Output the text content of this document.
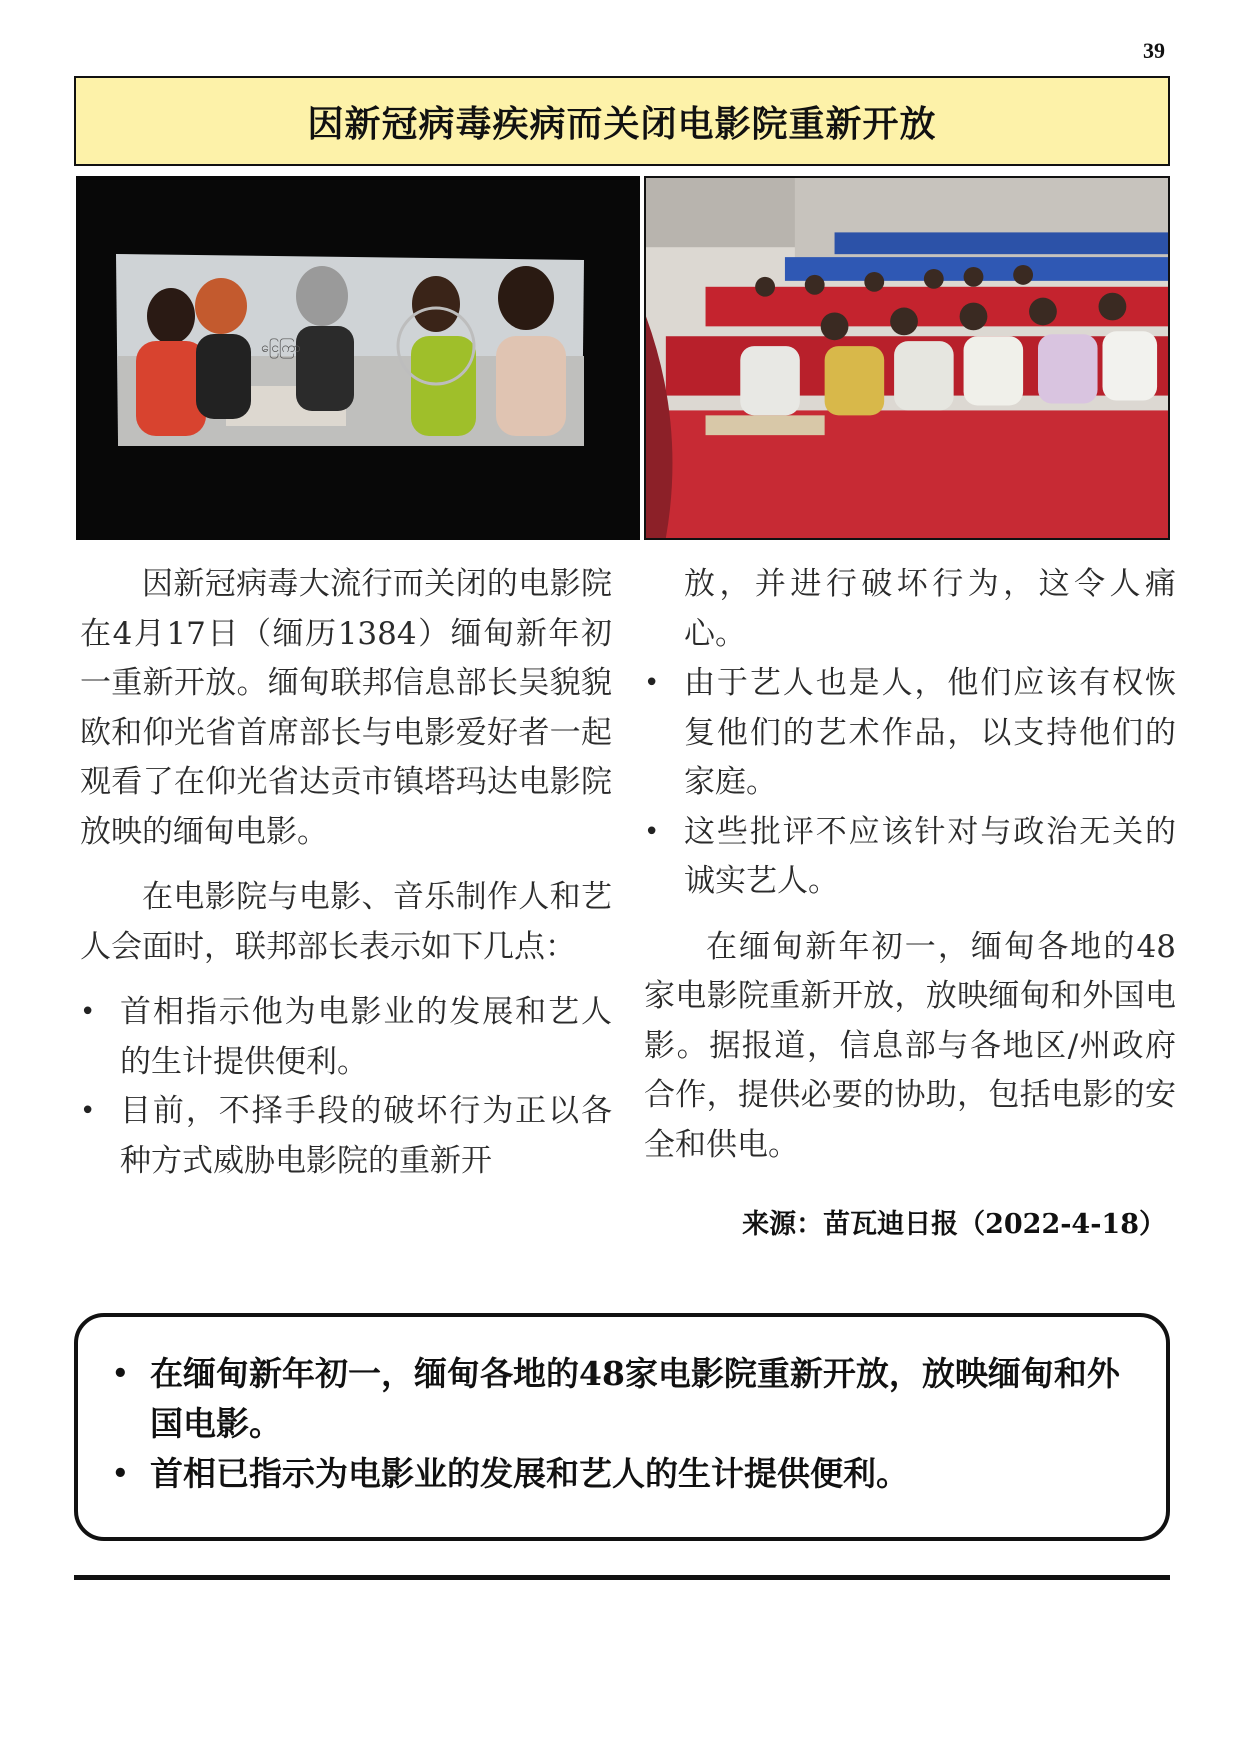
39
因新冠病毒疾病而关闭电影院重新开放
ငြေကြာ

因新冠病毒大流行而关闭的电影院在4月17日（缅历1384）缅甸新年初一重新开放。缅甸联邦信息部长吴貌貌欧和仰光省首席部长与电影爱好者一起观看了在仰光省达贡市镇塔玛达电影院放映的缅甸电影。

在电影院与电影、音乐制作人和艺人会面时，联邦部长表示如下几点：

• 首相指示他为电影业的发展和艺人的生计提供便利。
• 目前，不择手段的破坏行为正以各种方式威胁电影院的重新开
放，并进行破坏行为，这令人痛心。
• 由于艺人也是人，他们应该有权恢复他们的艺术作品，以支持他们的家庭。
• 这些批评不应该针对与政治无关的诚实艺人。

在缅甸新年初一，缅甸各地的48家电影院重新开放，放映缅甸和外国电影。据报道，信息部与各地区/州政府合作，提供必要的协助，包括电影的安全和供电。

来源：苗瓦迪日报（2022-4-18）
• 在缅甸新年初一，缅甸各地的48家电影院重新开放，放映缅甸和外国电影。
• 首相已指示为电影业的发展和艺人的生计提供便利。
